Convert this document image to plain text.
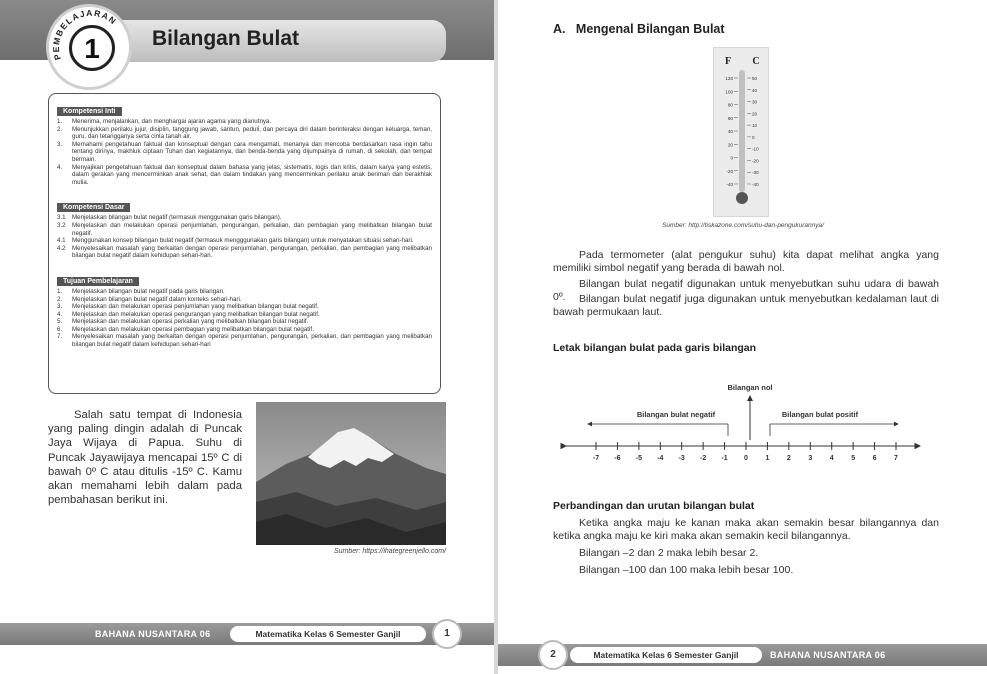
PEMBELAJARAN
1	Bilangan Bulat
Kompetensi Inti
1.	Menerima, menjalankan, dan menghargai ajaran agama yang dianutnya.
2.	Menunjukkan perilaku jujur, disiplin, tanggung jawab, santun, peduli, dan percaya diri dalam berinteraksi dengan keluarga, teman, guru, dan tetangganya serta cinta tanah air.
3.	Memahami pengetahuan faktual dan konseptual dengan cara mengamati, menanya dan mencoba berdasarkan rasa ingin tahu tentang dirinya, makhluk ciptaan Tuhan dan kegiatannya, dan benda-benda yang dijumpainya di rumah, di sekolah, dan tempat bermain.
4.	Menyajikan pengetahuan faktual dan konseptual dalam bahasa yang jelas, sistematis, logis dan kritis, dalam karya yang estetis, dalam gerakan yang mencerminkan anak sehat, dan dalam tindakan yang mencerminkan perilaku anak beriman dan berakhlak mulia.
Kompetensi Dasar
3.1	Menjelaskan bilangan bulat negatif (termasuk menggunakan garis bilangan).
3.2	Menjelaskan dan melakukan operasi penjumlahan, pengurangan, perkalian, dan pembagian yang melibatkan bilangan bulat negatif.
4.1	Menggunakan konsep bilangan bulat negatif (termasuk mengggunakan garis bilangan) untuk menyatakan situasi sehari-hari.
4.2	Menyelesaikan masalah yang berkaitan dengan operasi penjumlahan, pengurangan, perkalian, dan pembagian yang melibatkan bilangan bulat negatif dalam kehidupan sehari-hari.
Tujuan Pembelajaran
1.	Menjelaskan bilangan bulat negatif pada garis bilangan.
2.	Menjelaskan bilangan bulat negatif dalam konteks sehari-hari.
3.	Menjelaskan dan melakukan operasi penjumlahan yang melibatkan bilangan bulat negatif.
4.	Menjelaskan dan melakukan operasi pengurangan yang melibatkan bilangan bulat negatif.
5.	Menjelaskan dan melakukan operasi perkalian yang melibatkan bilangan bulat negatif.
6.	Menjelaskan dan melakukan operasi pembagian yang melibatkan bilangan bulat negatif.
7.	Menyelesaikan masalah yang berkaitan dengan operasi penjumlahan, pengurangan, perkalian, dan pembagian yang melibatkan bilangan bulat negatif dalam kehidupan sehari-hari
Salah satu tempat di Indonesia yang paling dingin adalah di Puncak Jaya Wijaya di Papua. Suhu di Puncak Jayawijaya mencapai 15º C di bawah 0º C atau ditulis -15º C. Kamu akan memahami lebih dalam pada pembahasan berikut ini.
Sumber: https://ihategreenjello.com/
BAHANA NUSANTARA 06	Matematika Kelas 6 Semester Ganjil	1
A.   Mengenal Bilangan Bulat
F C
120
100
80
60
40
20
0
-20
-40
50
40
30
20
10
0
-10
-20
-30
-40
Sumber: http://tiskazone.com/suhu-dan-pengukurannya/
Pada termometer (alat pengukur suhu) kita dapat melihat angka yang memiliki simbol negatif yang berada di bawah nol.
Bilangan bulat negatif digunakan untuk menyebutkan suhu udara di bawah 0º.	Bilangan bulat negatif juga digunakan untuk menyebutkan kedalaman laut di bawah permukaan laut.
Letak bilangan bulat pada garis bilangan
Bilangan nol
Bilangan bulat negatif	Bilangan bulat positif
-7 -6 -5 -4 -3 -2 -1 0	1	2	3	4	5	6	7
Perbandingan dan urutan bilangan bulat
Ketika angka maju ke kanan maka akan semakin besar bilangannya dan ketika angka maju ke kiri maka akan semakin kecil bilangannya.
Bilangan –2 dan 2 maka lebih besar 2.
Bilangan –100 dan 100 maka lebih besar 100.
Matematika Kelas 6 Semester Ganjil	BAHANA NUSANTARA 06
2
